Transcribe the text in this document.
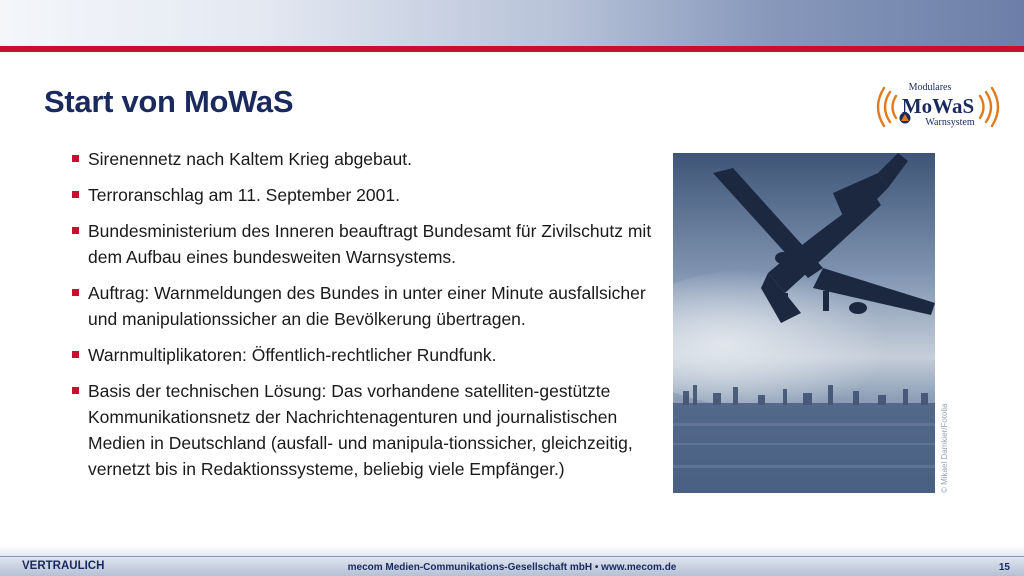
Start von MoWaS	Modulares
MoWaS
Warnsystem
Sirenennetz nach Kaltem Krieg abgebaut.
Terroranschlag am 11. September 2001.
Bundesministerium des Inneren beauftragt Bundesamt für Zivilschutz mit dem Aufbau eines bundesweiten Warnsystems.
Auftrag: Warnmeldungen des Bundes in unter einer Minute ausfallsicher und manipulationssicher an die Bevölkerung übertragen.
Warnmultiplikatoren: Öffentlich-rechtlicher Rundfunk.
Basis der technischen Lösung: Das vorhandene satelliten-gestützte Kommunikationsnetz der Nachrichtenagenturen und journalistischen Medien in Deutschland (ausfall- und manipula-tionssicher, gleichzeitig, vernetzt bis in Redaktionssysteme, beliebig viele Empfänger.)	© Mikael Damkier/Fotolia
VERTRAULICH	mecom Medien-Communikations-Gesellschaft mbH • www.mecom.de	15
